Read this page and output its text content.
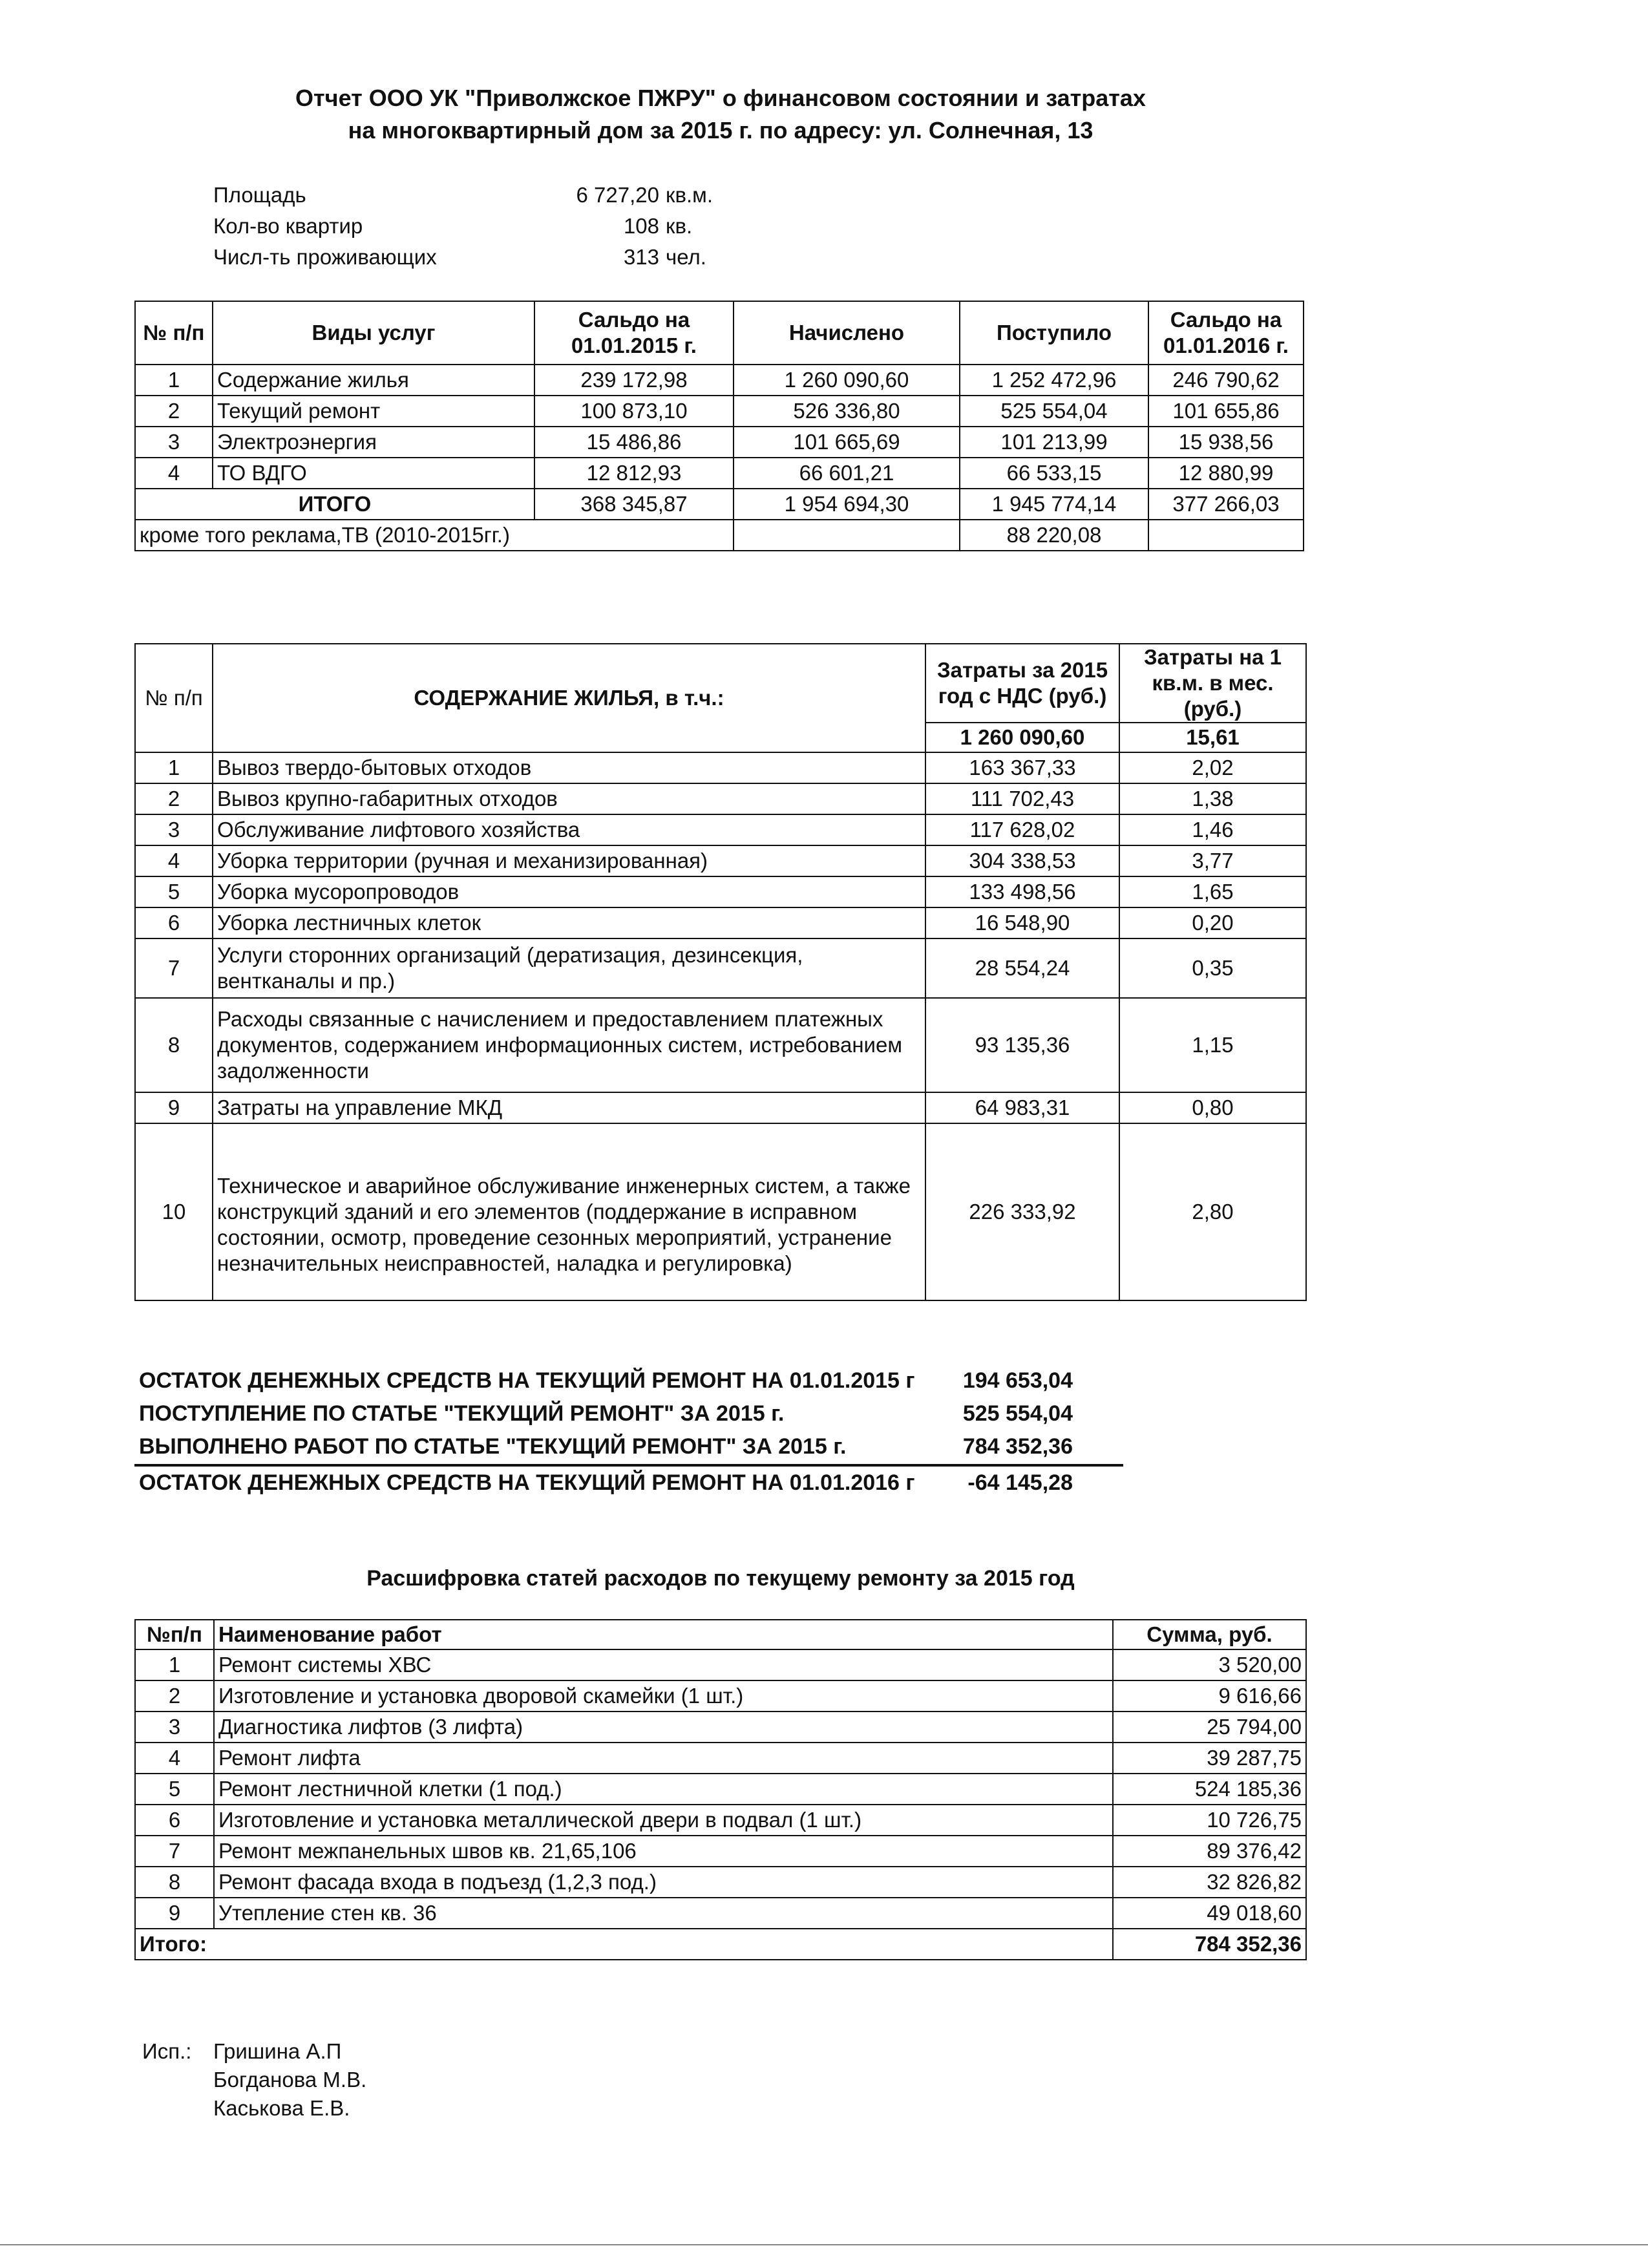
Отчет ООО УК "Приволжское ПЖРУ" о финансовом состоянии и затратах
на многоквартирный дом за 2015 г. по адресу: ул. Солнечная, 13
Площадь	6 727,20 кв.м.
Кол-во квартир	108 кв.
Числ-ть проживающих	313 чел.
№ п/п	Виды услуг	Сальдо на 01.01.2015 г.	Начислено	Поступило	Сальдо на 01.01.2016 г.
1	Содержание жилья	239 172,98	1 260 090,60	1 252 472,96	246 790,62
2	Текущий ремонт	100 873,10	526 336,80	525 554,04	101 655,86
3	Электроэнергия	15 486,86	101 665,69	101 213,99	15 938,56
4	ТО ВДГО	12 812,93	66 601,21	66 533,15	12 880,99
ИТОГО		368 345,87	1 954 694,30	1 945 774,14	377 266,03
кроме того реклама,ТВ (2010-2015гг.)				88 220,08	
№ п/п	СОДЕРЖАНИЕ ЖИЛЬЯ, в т.ч.:	Затраты за 2015 год с НДС (руб.)	Затраты на 1 кв.м. в мес. (руб.)
		1 260 090,60	15,61
1	Вывоз твердо-бытовых отходов	163 367,33	2,02
2	Вывоз крупно-габаритных отходов	111 702,43	1,38
3	Обслуживание лифтового хозяйства	117 628,02	1,46
4	Уборка территории (ручная и механизированная)	304 338,53	3,77
5	Уборка мусоропроводов	133 498,56	1,65
6	Уборка лестничных клеток	16 548,90	0,20
7	Услуги сторонних организаций (дератизация, дезинсекция, вентканалы и пр.)	28 554,24	0,35
8	Расходы связанные с начислением и предоставлением платежных документов, содержанием информационных систем, истребованием задолженности	93 135,36	1,15
9	Затраты на управление МКД	64 983,31	0,80
10	Техническое и аварийное обслуживание инженерных систем, а также конструкций зданий и его элементов (поддержание в исправном состоянии, осмотр, проведение сезонных мероприятий, устранение незначительных неисправностей, наладка и регулировка)	226 333,92	2,80
ОСТАТОК ДЕНЕЖНЫХ СРЕДСТВ НА ТЕКУЩИЙ РЕМОНТ НА 01.01.2015 г	194 653,04
ПОСТУПЛЕНИЕ ПО СТАТЬЕ "ТЕКУЩИЙ РЕМОНТ" ЗА 2015 г.	525 554,04
ВЫПОЛНЕНО РАБОТ ПО СТАТЬЕ "ТЕКУЩИЙ РЕМОНТ" ЗА 2015 г.	784 352,36
ОСТАТОК ДЕНЕЖНЫХ СРЕДСТВ НА ТЕКУЩИЙ РЕМОНТ НА 01.01.2016 г	-64 145,28
Расшифровка статей расходов по текущему ремонту за 2015 год
№п/п	Наименование работ	Сумма, руб.
1	Ремонт системы ХВС	3 520,00
2	Изготовление и установка дворовой скамейки (1 шт.)	9 616,66
3	Диагностика лифтов (3 лифта)	25 794,00
4	Ремонт лифта	39 287,75
5	Ремонт лестничной клетки (1 под.)	524 185,36
6	Изготовление и установка металлической двери в подвал (1 шт.)	10 726,75
7	Ремонт межпанельных швов кв. 21,65,106	89 376,42
8	Ремонт фасада входа в подъезд (1,2,3 под.)	32 826,82
9	Утепление стен кв. 36	49 018,60
Итого:		784 352,36
Исп.: Гришина А.П
Богданова М.В.
Каськова Е.В.
